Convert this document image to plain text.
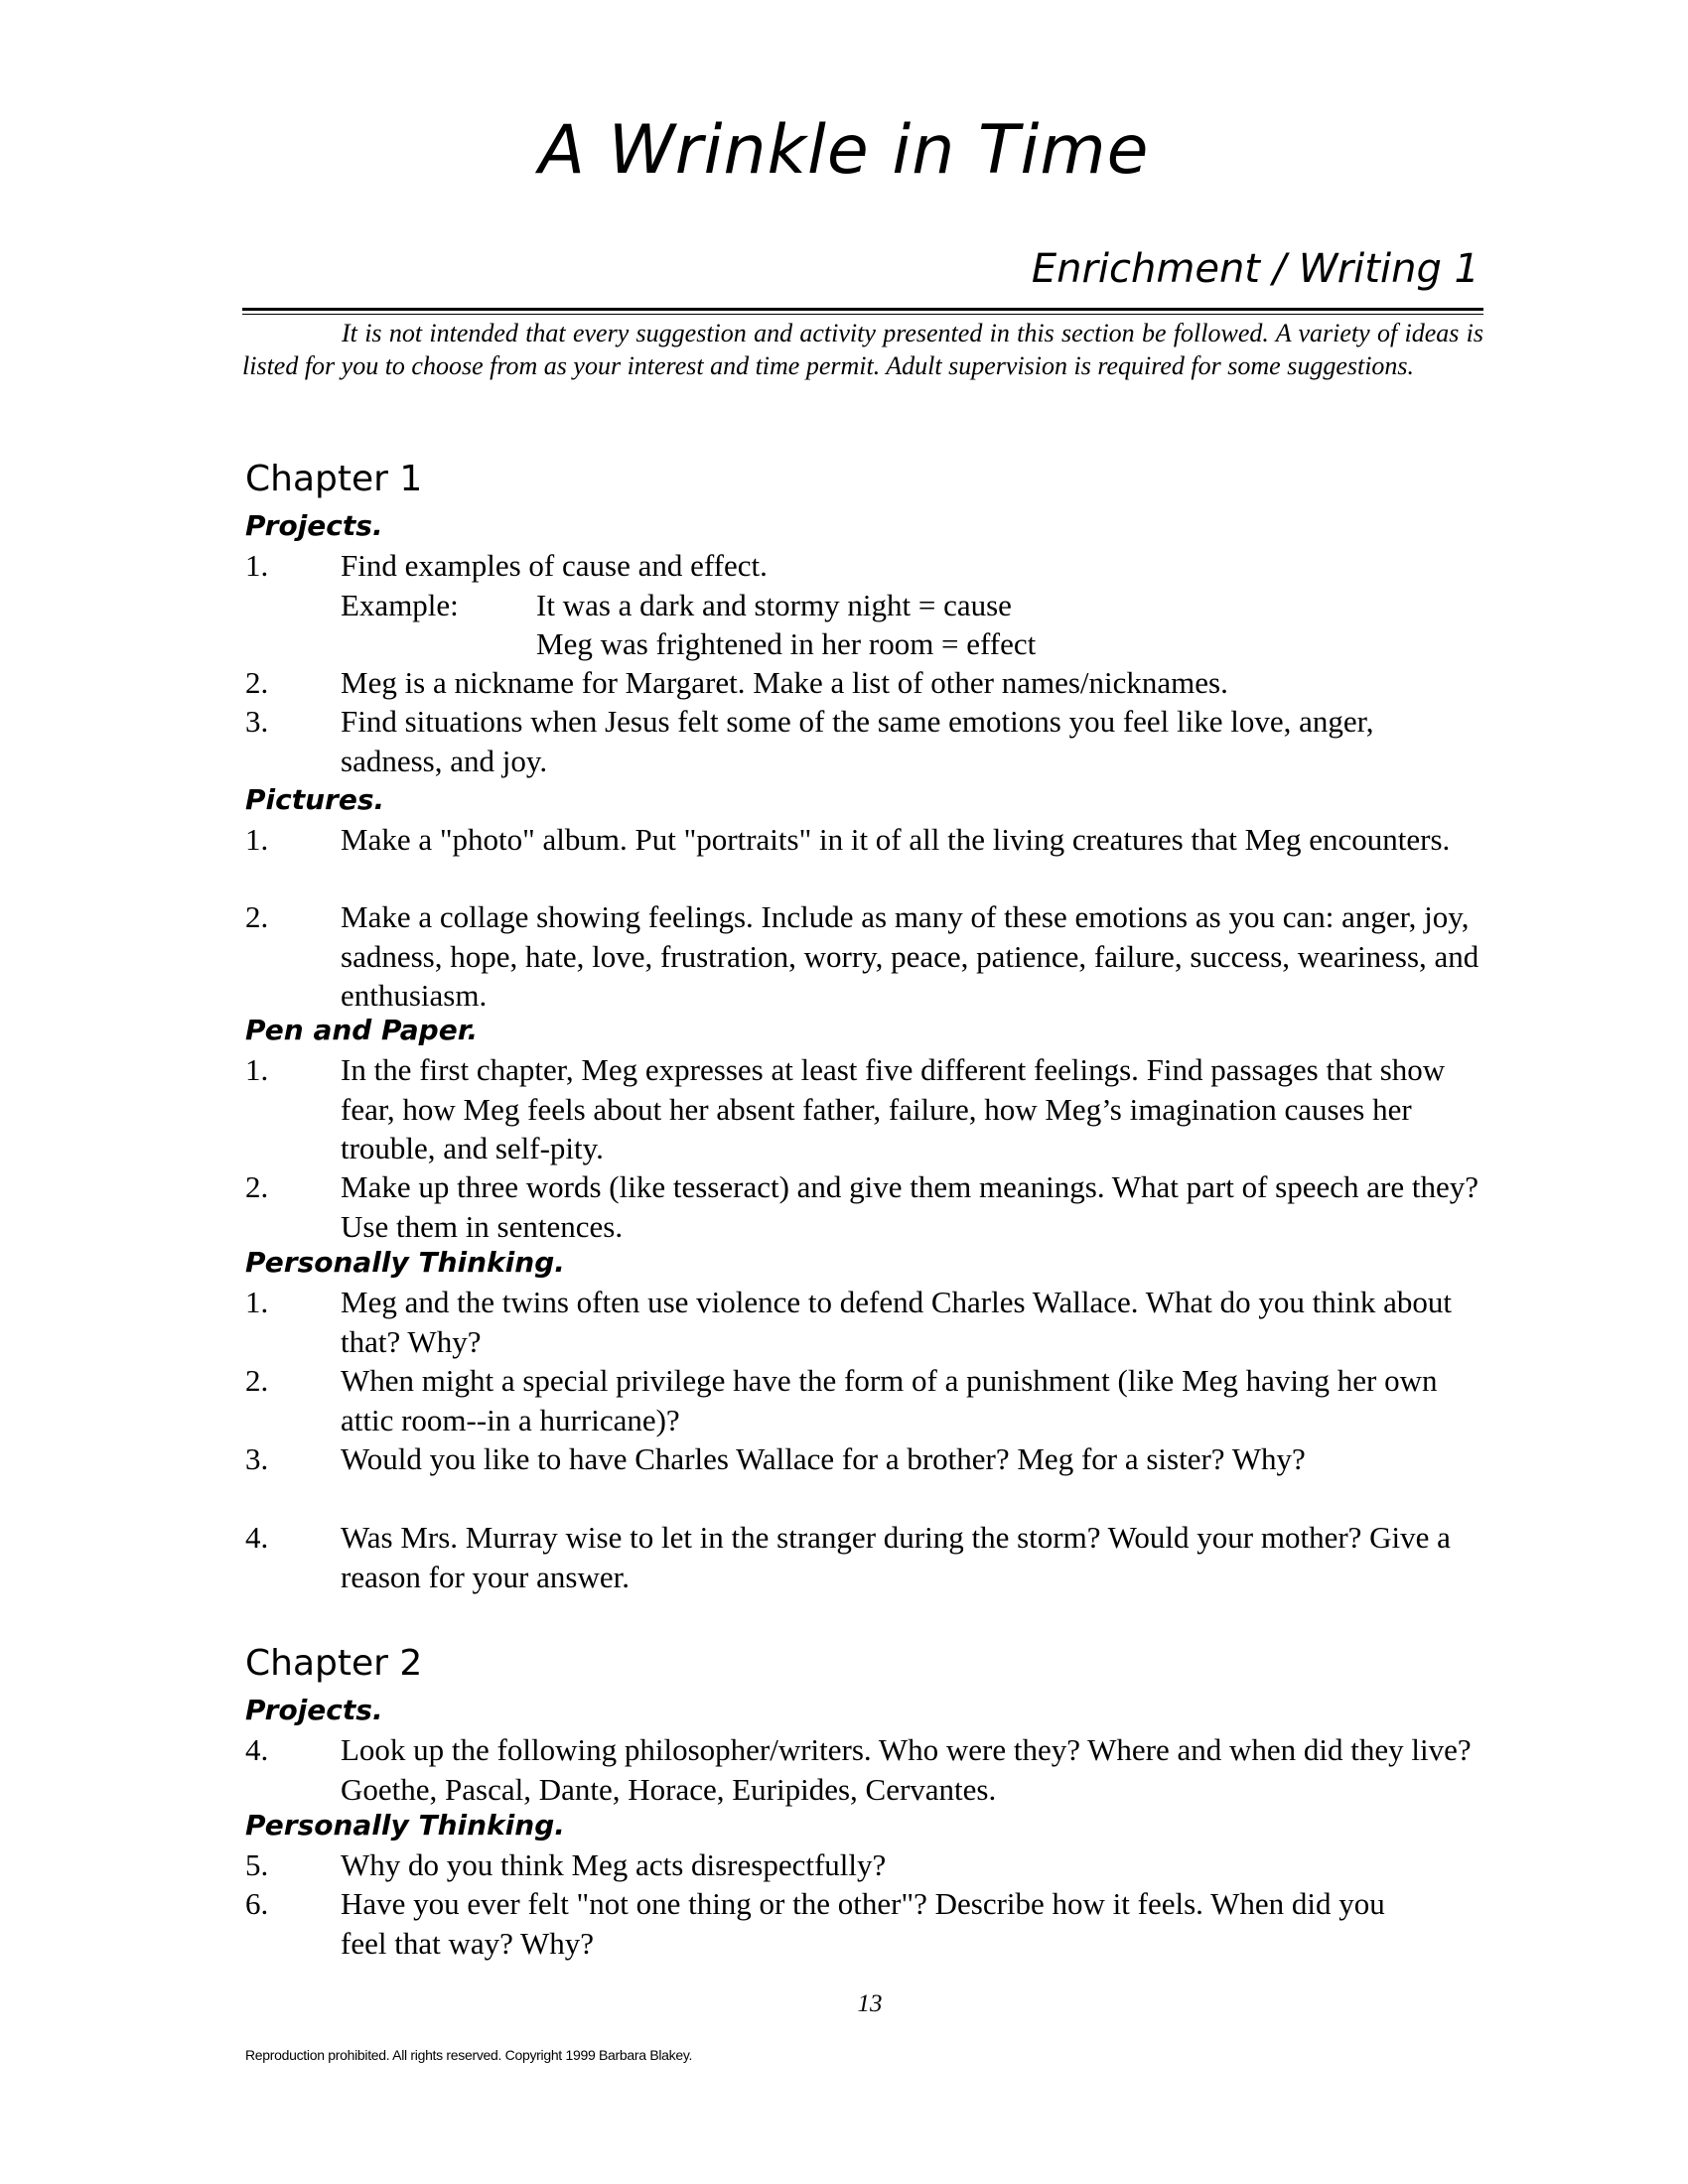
A Wrinkle in Time
Enrichment / Writing 1
It is not intended that every suggestion and activity presented in this section be followed. A variety of ideas is listed for you to choose from as your interest and time permit. Adult supervision is required for some suggestions.
Chapter 1
Projects.
1. Find examples of cause and effect.
Example:	It was a dark and stormy night = cause
Meg was frightened in her room = effect
2. Meg is a nickname for Margaret. Make a list of other names/nicknames.
3. Find situations when Jesus felt some of the same emotions you feel like love, anger, sadness, and joy.
Pictures.
1. Make a "photo" album. Put "portraits" in it of all the living creatures that Meg encounters.
2. Make a collage showing feelings. Include as many of these emotions as you can: anger, joy, sadness, hope, hate, love, frustration, worry, peace, patience, failure, success, weariness, and enthusiasm.
Pen and Paper.
1. In the first chapter, Meg expresses at least five different feelings. Find passages that show fear, how Meg feels about her absent father, failure, how Meg’s imagination causes her trouble, and self-pity.
2. Make up three words (like tesseract) and give them meanings. What part of speech are they? Use them in sentences.
Personally Thinking.
1. Meg and the twins often use violence to defend Charles Wallace. What do you think about that? Why?
2. When might a special privilege have the form of a punishment (like Meg having her own attic room--in a hurricane)?
3. Would you like to have Charles Wallace for a brother? Meg for a sister? Why?
4. Was Mrs. Murray wise to let in the stranger during the storm? Would your mother? Give a reason for your answer.
Chapter 2
Projects.
4. Look up the following philosopher/writers. Who were they? Where and when did they live? Goethe, Pascal, Dante, Horace, Euripides, Cervantes.
Personally Thinking.
5. Why do you think Meg acts disrespectfully?
6. Have you ever felt "not one thing or the other"? Describe how it feels. When did you feel that way? Why?
13
Reproduction prohibited. All rights reserved. Copyright 1999 Barbara Blakey.
